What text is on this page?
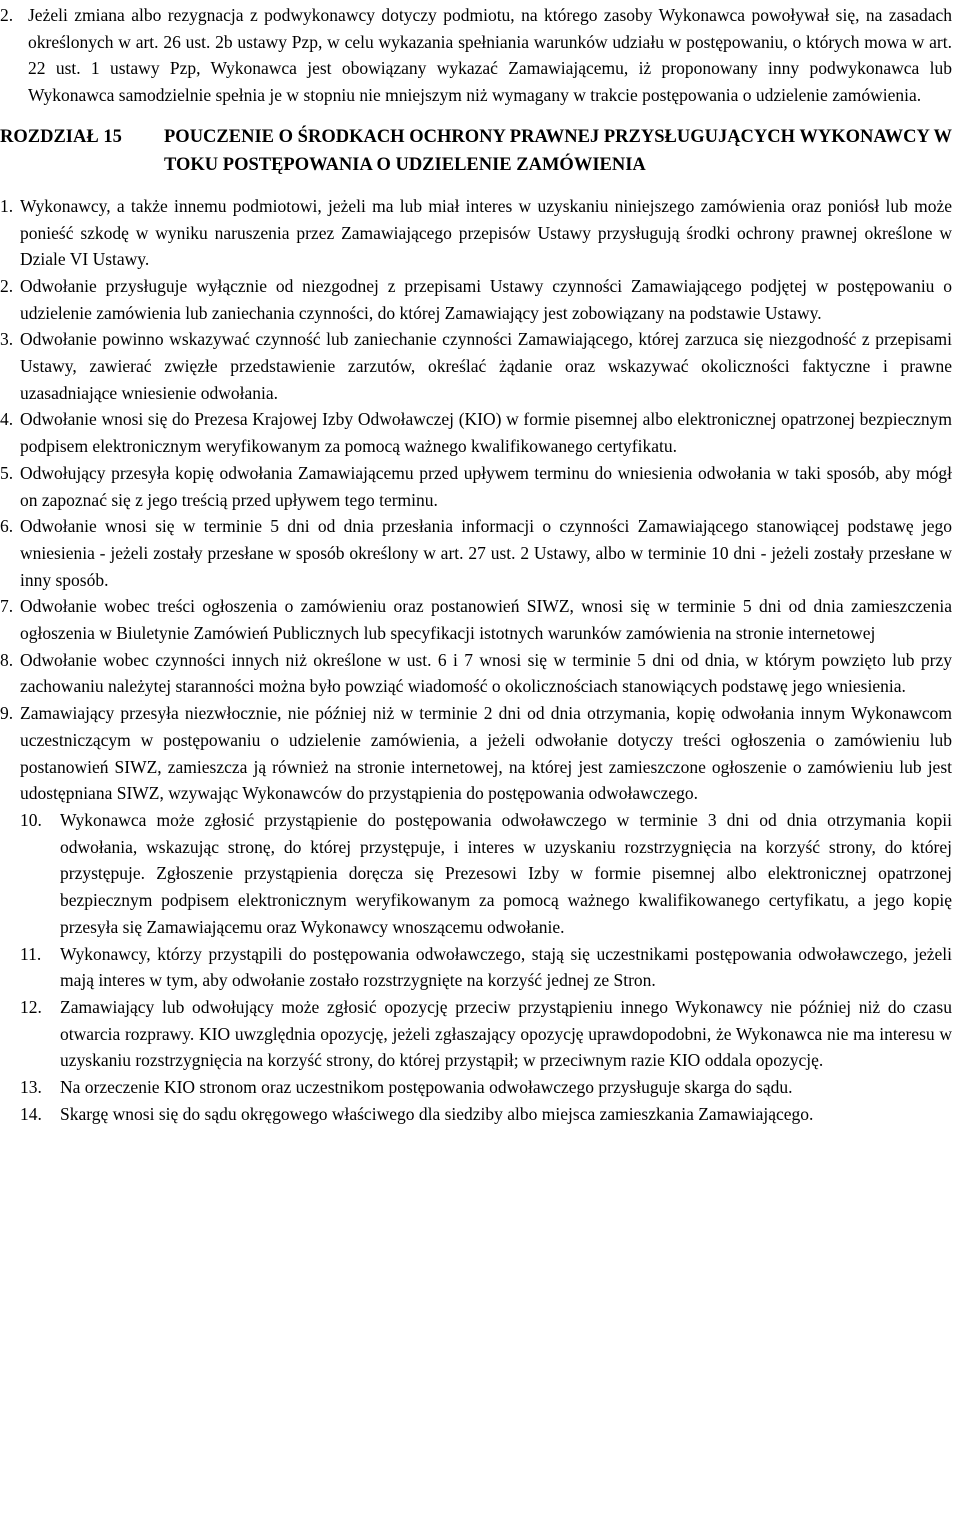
2. Jeżeli zmiana albo rezygnacja z podwykonawcy dotyczy podmiotu, na którego zasoby Wykonawca powoływał się, na zasadach określonych w art. 26 ust. 2b ustawy Pzp, w celu wykazania spełniania warunków udziału w postępowaniu, o których mowa w art. 22 ust. 1 ustawy Pzp, Wykonawca jest obowiązany wykazać Zamawiającemu, iż proponowany inny podwykonawca lub Wykonawca samodzielnie spełnia je w stopniu nie mniejszym niż wymagany w trakcie postępowania o udzielenie zamówienia.
ROZDZIAŁ 15	POUCZENIE O ŚRODKACH OCHRONY PRAWNEJ PRZYSŁUGUJĄCYCH WYKONAWCY W TOKU POSTĘPOWANIA O UDZIELENIE ZAMÓWIENIA
1. Wykonawcy, a także innemu podmiotowi, jeżeli ma lub miał interes w uzyskaniu niniejszego zamówienia oraz poniósł lub może ponieść szkodę w wyniku naruszenia przez Zamawiającego przepisów Ustawy przysługują środki ochrony prawnej określone w Dziale VI Ustawy.
2. Odwołanie przysługuje wyłącznie od niezgodnej z przepisami Ustawy czynności Zamawiającego podjętej w postępowaniu o udzielenie zamówienia lub zaniechania czynności, do której Zamawiający jest zobowiązany na podstawie Ustawy.
3. Odwołanie powinno wskazywać czynność lub zaniechanie czynności Zamawiającego, której zarzuca się niezgodność z przepisami Ustawy, zawierać zwięzłe przedstawienie zarzutów, określać żądanie oraz wskazywać okoliczności faktyczne i prawne uzasadniające wniesienie odwołania.
4. Odwołanie wnosi się do Prezesa Krajowej Izby Odwoławczej (KIO) w formie pisemnej albo elektronicznej opatrzonej bezpiecznym podpisem elektronicznym weryfikowanym za pomocą ważnego kwalifikowanego certyfikatu.
5. Odwołujący przesyła kopię odwołania Zamawiającemu przed upływem terminu do wniesienia odwołania w taki sposób, aby mógł on zapoznać się z jego treścią przed upływem tego terminu.
6. Odwołanie wnosi się w terminie 5 dni od dnia przesłania informacji o czynności Zamawiającego stanowiącej podstawę jego wniesienia - jeżeli zostały przesłane w sposób określony w art. 27 ust. 2 Ustawy, albo w terminie 10 dni - jeżeli zostały przesłane w inny sposób.
7. Odwołanie wobec treści ogłoszenia o zamówieniu oraz postanowień SIWZ, wnosi się w terminie 5 dni od dnia zamieszczenia ogłoszenia w Biuletynie Zamówień Publicznych lub specyfikacji istotnych warunków zamówienia na stronie internetowej
8. Odwołanie wobec czynności innych niż określone w ust. 6 i 7 wnosi się w terminie 5 dni od dnia, w którym powzięto lub przy zachowaniu należytej staranności można było powziąć wiadomość o okolicznościach stanowiących podstawę jego wniesienia.
9. Zamawiający przesyła niezwłocznie, nie później niż w terminie 2 dni od dnia otrzymania, kopię odwołania innym Wykonawcom uczestniczącym w postępowaniu o udzielenie zamówienia, a jeżeli odwołanie dotyczy treści ogłoszenia o zamówieniu lub postanowień SIWZ, zamieszcza ją również na stronie internetowej, na której jest zamieszczone ogłoszenie o zamówieniu lub jest udostępniana SIWZ, wzywając Wykonawców do przystąpienia do postępowania odwoławczego.
10.	Wykonawca może zgłosić przystąpienie do postępowania odwoławczego w terminie 3 dni od dnia otrzymania kopii odwołania, wskazując stronę, do której przystępuje, i interes w uzyskaniu rozstrzygnięcia na korzyść strony, do której przystępuje. Zgłoszenie przystąpienia doręcza się Prezesowi Izby w formie pisemnej albo elektronicznej opatrzonej bezpiecznym podpisem elektronicznym weryfikowanym za pomocą ważnego kwalifikowanego certyfikatu, a jego kopię przesyła się Zamawiającemu oraz Wykonawcy wnoszącemu odwołanie.
11.	Wykonawcy, którzy przystąpili do postępowania odwoławczego, stają się uczestnikami postępowania odwoławczego, jeżeli mają interes w tym, aby odwołanie zostało rozstrzygnięte na korzyść jednej ze Stron.
12.	Zamawiający lub odwołujący może zgłosić opozycję przeciw przystąpieniu innego Wykonawcy nie później niż do czasu otwarcia rozprawy. KIO uwzględnia opozycję, jeżeli zgłaszający opozycję uprawdopodobni, że Wykonawca nie ma interesu w uzyskaniu rozstrzygnięcia na korzyść strony, do której przystąpił; w przeciwnym razie KIO oddala opozycję.
13.	Na orzeczenie KIO stronom oraz uczestnikom postępowania odwoławczego przysługuje skarga do sądu.
14.	Skargę wnosi się do sądu okręgowego właściwego dla siedziby albo miejsca zamieszkania Zamawiającego.
